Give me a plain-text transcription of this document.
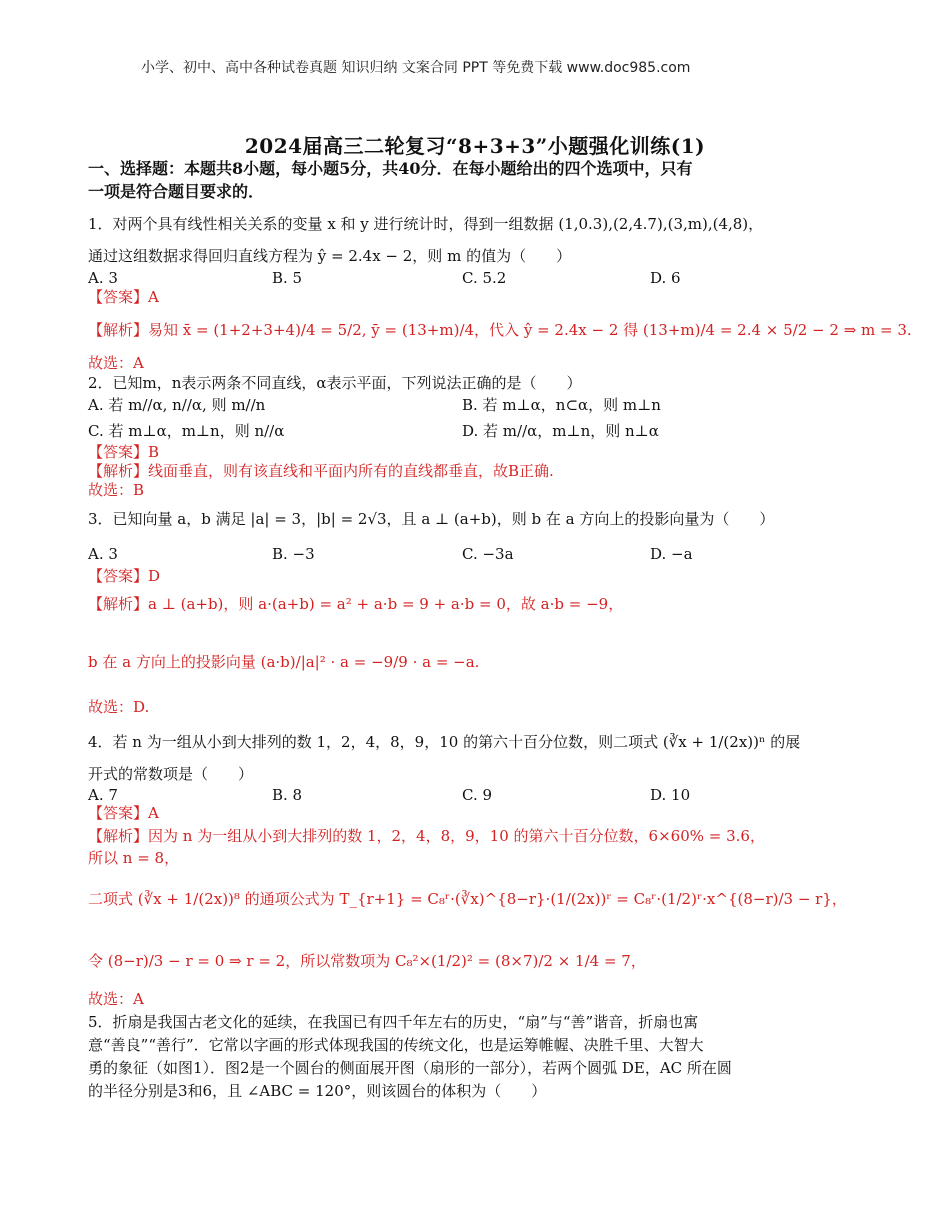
小学、初中、高中各种试卷真题 知识归纳 文案合同 PPT 等免费下载 www.doc985.com
2024届高三二轮复习“8+3+3”小题强化训练(1)
一、选择题：本题共8小题，每小题5分，共40分．在每小题给出的四个选项中，只有
一项是符合题目要求的．
1．对两个具有线性相关关系的变量 x 和 y 进行统计时，得到一组数据 (1,0.3),(2,4.7),(3,m),(4,8)，
通过这组数据求得回归直线方程为 ŷ = 2.4x − 2，则 m 的值为（　　）
A. 3	B. 5	C. 5.2	D. 6
【答案】A
【解析】易知 x̄ = (1+2+3+4)/4 = 5/2, ȳ = (13+m)/4，代入 ŷ = 2.4x − 2 得 (13+m)/4 = 2.4 × 5/2 − 2 ⇒ m = 3.
故选：A
2．已知m，n表示两条不同直线，α表示平面，下列说法正确的是（　　）
A. 若 m//α, n//α, 则 m//n	B. 若 m⊥α，n⊂α，则 m⊥n
C. 若 m⊥α，m⊥n，则 n//α	D. 若 m//α，m⊥n，则 n⊥α
【答案】B
【解析】线面垂直，则有该直线和平面内所有的直线都垂直，故B正确.
故选：B
3．已知向量 a，b 满足 |a| = 3，|b| = 2√3，且 a ⊥ (a+b)，则 b 在 a 方向上的投影向量为（　　）
A. 3	B. −3	C. −3a	D. −a
【答案】D
【解析】a ⊥ (a+b)，则 a·(a+b) = a² + a·b = 9 + a·b = 0，故 a·b = −9，
b 在 a 方向上的投影向量 (a·b)/|a|² · a = −9/9 · a = −a.
故选：D.
4．若 n 为一组从小到大排列的数 1，2，4，8，9，10 的第六十百分位数，则二项式 (∛x + 1/(2x))ⁿ 的展
开式的常数项是（　　）
A. 7	B. 8	C. 9	D. 10
【答案】A
【解析】因为 n 为一组从小到大排列的数 1，2，4，8，9，10 的第六十百分位数，6×60% = 3.6，
所以 n = 8，
二项式 (∛x + 1/(2x))⁸ 的通项公式为 T_{r+1} = C₈ʳ·(∛x)^{8−r}·(1/(2x))ʳ = C₈ʳ·(1/2)ʳ·x^{(8−r)/3 − r}，
令 (8−r)/3 − r = 0 ⇒ r = 2，所以常数项为 C₈²×(1/2)² = (8×7)/2 × 1/4 = 7，
故选：A
5．折扇是我国古老文化的延续，在我国已有四千年左右的历史，“扇”与“善”谐音，折扇也寓
意“善良”“善行”．它常以字画的形式体现我国的传统文化，也是运筹帷幄、决胜千里、大智大
勇的象征（如图1）．图2是一个圆台的侧面展开图（扇形的一部分），若两个圆弧 DE，AC 所在圆
的半径分别是3和6，且 ∠ABC = 120°，则该圆台的体积为（　　）
